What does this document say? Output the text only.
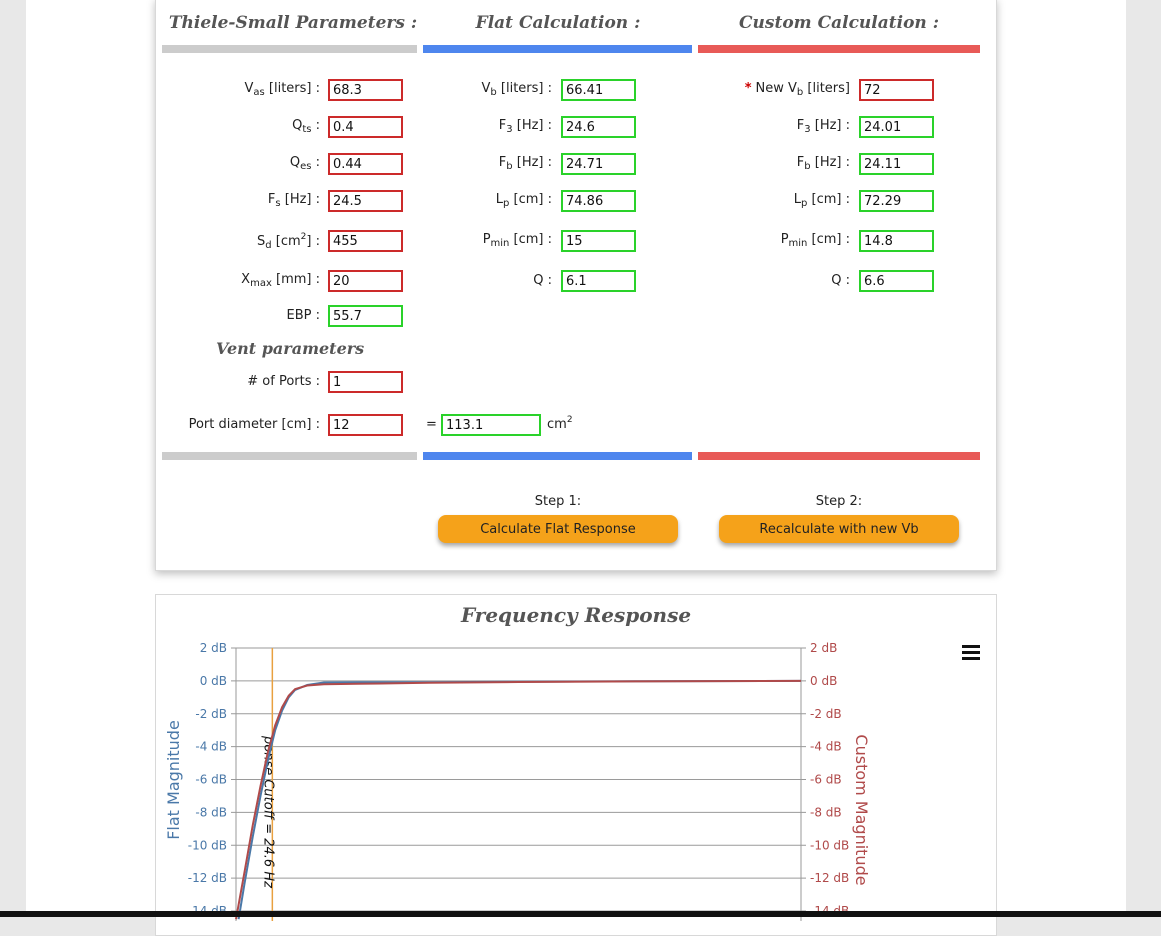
Thiele-Small Parameters :	Flat Calculation :	Custom Calculation :
$V_{as}$ [liters] :
68.3
$Q_{ts}$ :
0.4
$Q_{es}$ :
0.44
$F_s$ [Hz] :
24.5
$S_d$ $[cm^2]$ :
455
$X_{max}$ [mm] :
20
EBP :
55.7
Vent parameters
# of Ports :
1
Port diameter [cm] :
12	=
113.1	$cm^2$
$V_b$ [liters] :
66.41
$F_3$ [Hz] :
24.6
$F_b$ [Hz] :
24.71
$L_p$ [cm] :
74.86
$P_{min}$ [cm] :
15
Q :
6.1
* New $V_b$ [liters]
72
$F_3$ [Hz] :
24.01
$F_b$ [Hz] :
24.11
$L_p$ [cm] :
72.29
$P_{min}$ [cm] :
14.8
Q :
6.6
Step 1:
Calculate Flat Response
Step 2:
Recalculate with new Vb
Frequency Response
2 dB	2 dB
0 dB	0 dB
-2 dB	-2 dB
-4 dB	-4 dB
-6 dB	-6 dB
-8 dB	-8 dB
-10 dB	-10 dB
-12 dB	-12 dB
Flat Magnitude	Custom Magnitude
ponse Cutoff = 24.6 Hz
